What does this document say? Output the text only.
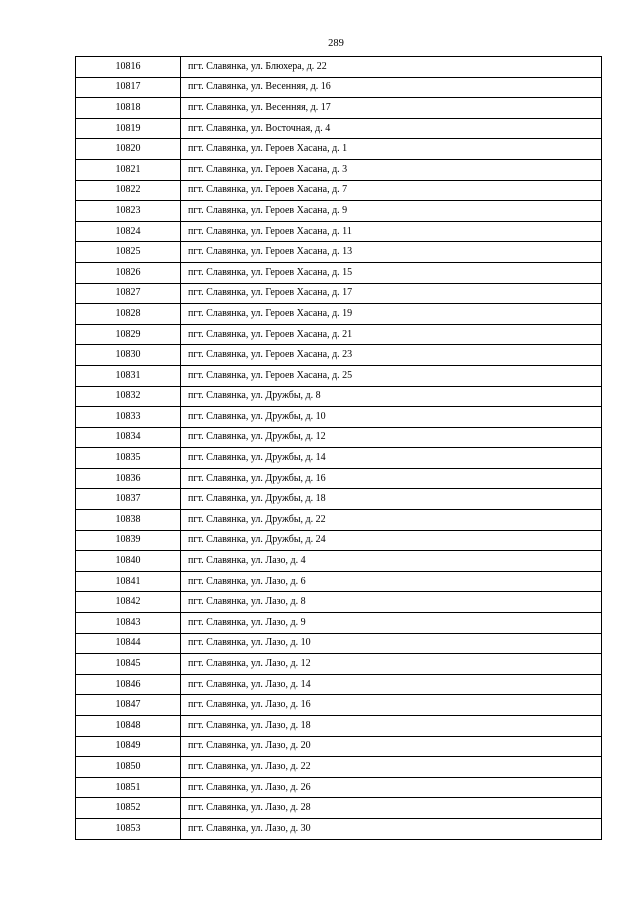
289
10816	пгт. Славянка, ул. Блюхера, д. 22
10817	пгт. Славянка, ул. Весенняя, д. 16
10818	пгт. Славянка, ул. Весенняя, д. 17
10819	пгт. Славянка, ул. Восточная, д. 4
10820	пгт. Славянка, ул. Героев Хасана, д. 1
10821	пгт. Славянка, ул. Героев Хасана, д. 3
10822	пгт. Славянка, ул. Героев Хасана, д. 7
10823	пгт. Славянка, ул. Героев Хасана, д. 9
10824	пгт. Славянка, ул. Героев Хасана, д. 11
10825	пгт. Славянка, ул. Героев Хасана, д. 13
10826	пгт. Славянка, ул. Героев Хасана, д. 15
10827	пгт. Славянка, ул. Героев Хасана, д. 17
10828	пгт. Славянка, ул. Героев Хасана, д. 19
10829	пгт. Славянка, ул. Героев Хасана, д. 21
10830	пгт. Славянка, ул. Героев Хасана, д. 23
10831	пгт. Славянка, ул. Героев Хасана, д. 25
10832	пгт. Славянка, ул. Дружбы, д. 8
10833	пгт. Славянка, ул. Дружбы, д. 10
10834	пгт. Славянка, ул. Дружбы, д. 12
10835	пгт. Славянка, ул. Дружбы, д. 14
10836	пгт. Славянка, ул. Дружбы, д. 16
10837	пгт. Славянка, ул. Дружбы, д. 18
10838	пгт. Славянка, ул. Дружбы, д. 22
10839	пгт. Славянка, ул. Дружбы, д. 24
10840	пгт. Славянка, ул. Лазо, д. 4
10841	пгт. Славянка, ул. Лазо, д. 6
10842	пгт. Славянка, ул. Лазо, д. 8
10843	пгт. Славянка, ул. Лазо, д. 9
10844	пгт. Славянка, ул. Лазо, д. 10
10845	пгт. Славянка, ул. Лазо, д. 12
10846	пгт. Славянка, ул. Лазо, д. 14
10847	пгт. Славянка, ул. Лазо, д. 16
10848	пгт. Славянка, ул. Лазо, д. 18
10849	пгт. Славянка, ул. Лазо, д. 20
10850	пгт. Славянка, ул. Лазо, д. 22
10851	пгт. Славянка, ул. Лазо, д. 26
10852	пгт. Славянка, ул. Лазо, д. 28
10853	пгт. Славянка, ул. Лазо, д. 30
